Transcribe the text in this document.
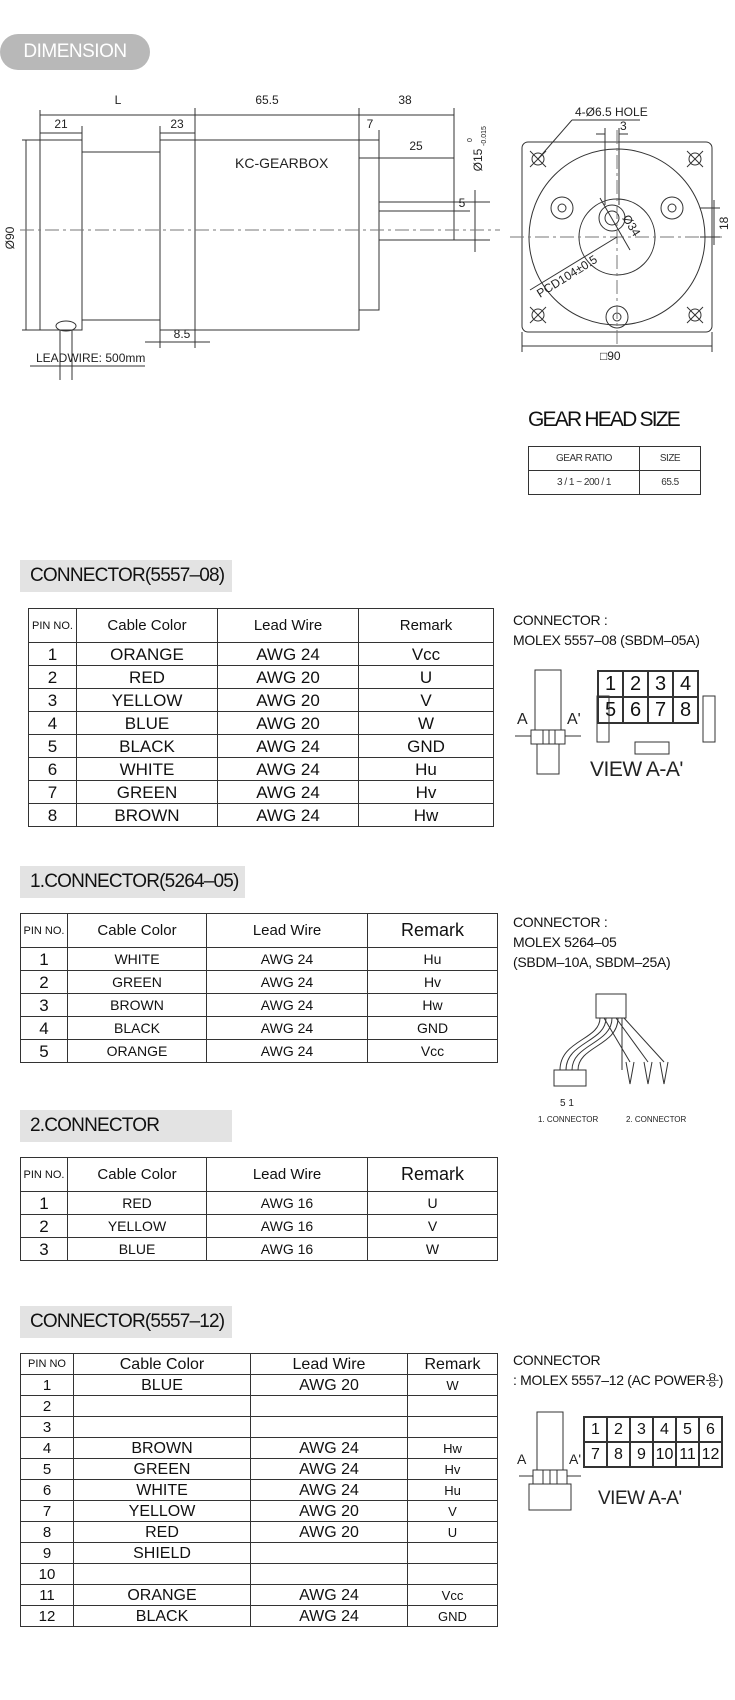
DIMENSION
L
21	23
65.5	38
7
25
5
Ø15
0 -0.015
Ø90
8.5
KC-GEARBOX
LEADWIRE: 500mm
4-Ø6.5 HOLE
3
Ø34
PCD104±0.5
18
□90
GEAR HEAD SIZE
GEAR RATIO	SIZE
3 / 1 ~ 200 / 1	65.5
CONNECTOR(5557–08)
PIN NO.	Cable Color	Lead Wire	Remark
1	ORANGE	AWG 24	Vcc
2	RED	AWG 20	U
3	YELLOW	AWG 20	V
4	BLUE	AWG 20	W
5	BLACK	AWG 24	GND
6	WHITE	AWG 24	Hu
7	GREEN	AWG 24	Hv
8	BROWN	AWG 24	Hw
CONNECTOR :
MOLEX 5557–08 (SBDM–05A)
A A'
1 2 3 4
5 6 7 8
VIEW A-A'
1.CONNECTOR(5264–05)
PIN NO.	Cable Color	Lead Wire	Remark
1	WHITE	AWG 24	Hu
2	GREEN	AWG 24	Hv
3	BROWN	AWG 24	Hw
4	BLACK	AWG 24	GND
5	ORANGE	AWG 24	Vcc
CONNECTOR :
MOLEX 5264–05
(SBDM–10A, SBDM–25A)
5 1
1. CONNECTOR	2. CONNECTOR
2.CONNECTOR
PIN NO.	Cable Color	Lead Wire	Remark
1	RED	AWG 16	U
2	YELLOW	AWG 16	V
3	BLUE	AWG 16	W
CONNECTOR(5557–12)
PIN NO	Cable Color	Lead Wire	Remark
1	BLUE	AWG 20	W
2			
3			
4	BROWN	AWG 24	Hw
5	GREEN	AWG 24	Hv
6	WHITE	AWG 24	Hu
7	YELLOW	AWG 20	V
8	RED	AWG 20	U
9	SHIELD		
10			
11	ORANGE	AWG 24	Vcc
12	BLACK	AWG 24	GND
CONNECTOR
: MOLEX 5557–12 (AC POWER용)
A	A'
1 2 3 4 5 6
7 8 9 10 11 12
VIEW A-A'
